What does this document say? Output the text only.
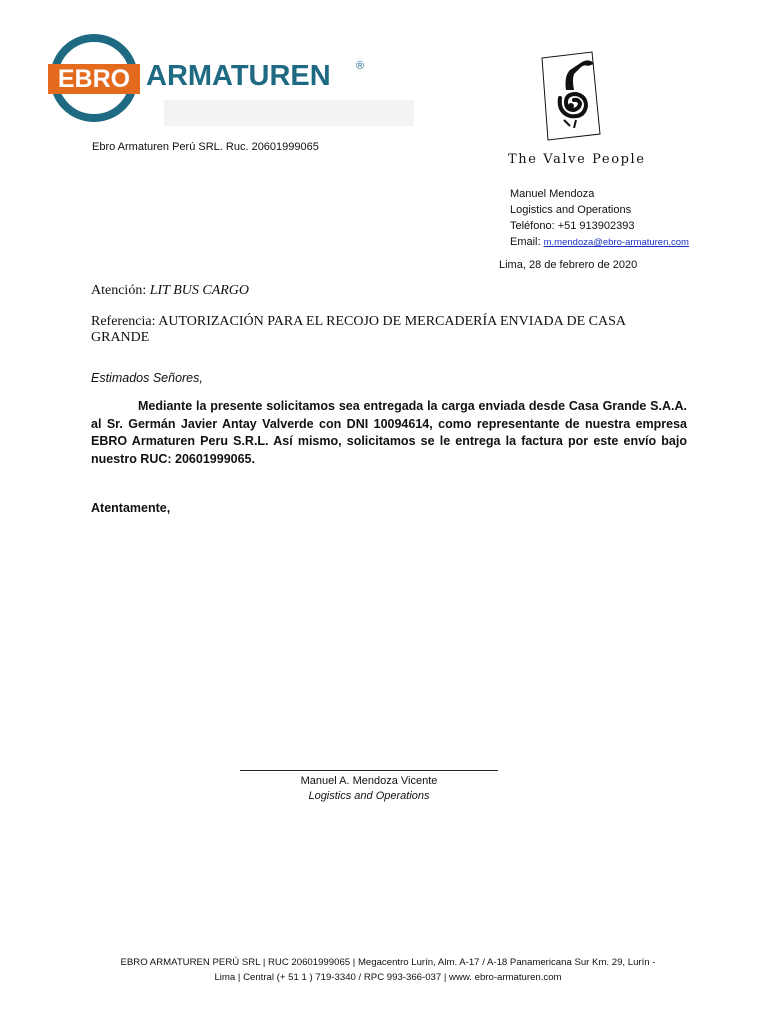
EBRO ARMATUREN ®
The Valve People
Ebro Armaturen Perú SRL. Ruc. 20601999065
Manuel Mendoza
Logistics and Operations
Teléfono: +51 913902393
Email: m.mendoza@ebro-armaturen.com
Lima, 28 de febrero de 2020
Atención: LIT BUS CARGO
Referencia: AUTORIZACIÓN PARA EL RECOJO DE MERCADERÍA ENVIADA DE CASA GRANDE
Estimados Señores,
Mediante la presente solicitamos sea entregada la carga enviada desde Casa Grande S.A.A. al Sr. Germán Javier Antay Valverde con DNI 10094614, como representante de nuestra empresa EBRO Armaturen Peru S.R.L. Así mismo, solicitamos se le entrega la factura por este envío bajo nuestro RUC: 20601999065.
Atentamente,
Manuel A. Mendoza Vicente
Logistics and Operations
EBRO ARMATUREN PERÚ SRL | RUC 20601999065 | Megacentro Lurín, Alm. A-17 / A-18 Panamericana Sur Km. 29, Lurín -
Lima | Central (+ 51 1 ) 719-3340 / RPC 993-366-037 | www. ebro-armaturen.com
